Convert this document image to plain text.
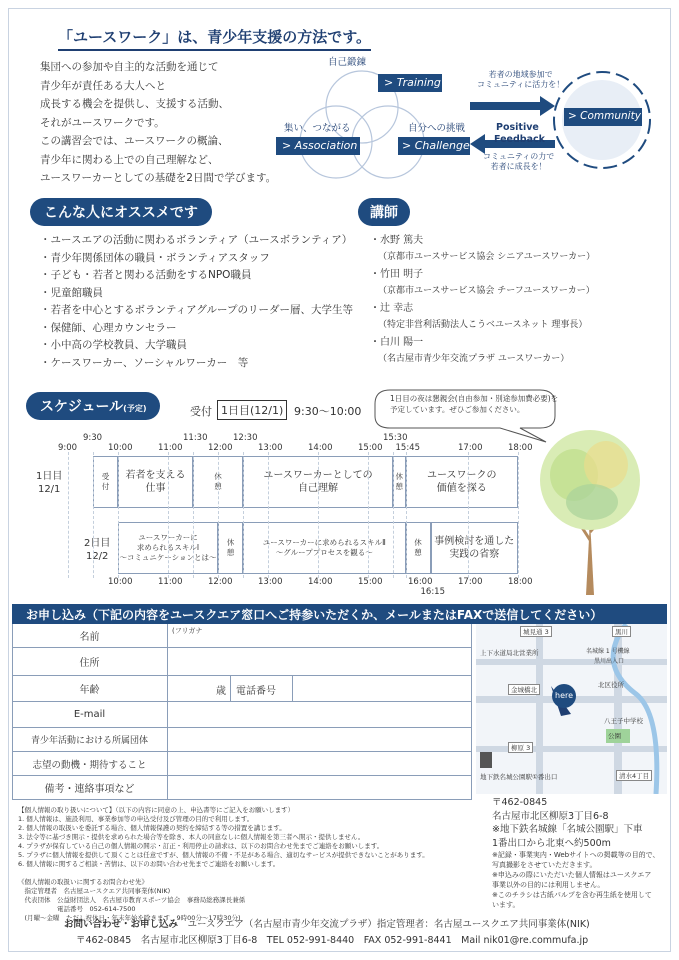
「ユースワーク」は、青少年支援の方法です。
集団への参加や自主的な活動を通じて
青少年が責任ある大人へと
成長する機会を提供し、支援する活動、
それがユースワークです。
この講習会では、ユースワークの概論、
青少年に関わる上での自己理解など、
ユースワーカーとしての基礎を2日間で学びます。
自己鍛錬
> Training
集い、つながる
> Association
自分への挑戦
> Challenge
若者の地域参加で
コミュニティに活力を！
Positive
Feedback
コミュニティの力で
若者に成長を！
> Community
こんな人にオススメです
・ユースエアの活動に関わるボランティア（ユースボランティア）
・青少年関係団体の職員・ボランティアスタッフ
・子ども・若者と関わる活動をするNPO職員
・児童館職員
・若者を中心とするボランティアグループのリーダー層、大学生等
・保健師、心理カウンセラー
・小中高の学校教員、大学職員
・ケースワーカー、ソーシャルワーカー　等
講師
・水野 篤夫
（京都市ユースサービス協会 シニアユースワーカー）
・竹田 明子
（京都市ユースサービス協会 チーフユースワーカー）
・辻 幸志
（特定非営利活動法人こうベユースネット 理事長）
・白川 陽一
（名古屋市青少年交流プラザ ユースワーカー）
スケジュール(予定)	受付 1日目(12/1) 9:30〜10:00
1日目の夜は懇親会(自由参加・別途参加費必要)を
予定しています。ぜひご参加ください。
9:00
9:30
10:00	11:00
11:30
12:00
12:30
13:00	14:00	15:00
15:30
15:45	17:00	18:00
1日目
12/1
受
付
若者を支える
仕事
休
憩
ユースワーカーとしての
自己理解
休
憩
ユースワークの
価値を探る
10:00	11:00	12:00	13:00	14:00	15:00	16:00
16:15
17:00	18:00
2日目
12/2
ユースワーカーに
求められるスキルⅠ
〜コミュニケーションとは〜
休
憩
ユースワーカーに求められるスキルⅡ
〜グループプロセスを観る〜
休
憩
事例検討を通した
実践の省察
お申し込み（下記の内容をユースクエア窓口へご持参いただくか、メールまたはFAXで送信してください）
名前
(フリガナ
住所
年齢	歳 電話番号
E-mail
青少年活動における所属団体
志望の動機・期待すること
備考・連絡事項など
城見通 3	黒川
上下水道局北営業所	名城線 1 号機線
黒川出入口
金城橋北
北区役所
八王子中学校
公園
柳原 3
here
地下鉄名城公園駅①番出口	清水4丁目
〒462-0845
名古屋市北区柳原3丁目6-8
※地下鉄名城線「名城公園駅」下車
1番出口から北東へ約500m
※記録・事業実内・Webサイトへの掲載等の目的で、
写真撮影をさせていただきます。
※申込みの際にいただいた個人情報はユースクエア
事業以外の目的には利用しません。
※このチラシは古紙パルプを含む再生紙を使用して
います。
【個人情報の取り扱いについて】（以下の内容に同意の上、申込書等にご記入をお願いします）
1. 個人情報は、施設利用、事業参加等の申込受付及び管理の目的で利用します。
2. 個人情報の取扱いを委託する場合、個人情報保護の契約を締結する等の措置を講じます。
3. 法令等に基づき開示・提供を求められた場合等を除き、本人の同意なしに個人情報を第三者へ開示・提供しません。
4. プラザが保有している自己の個人情報の開示・訂正・利用停止の請求は、以下のお問合わせ先までご連絡をお願いします。
5. プラザに個人情報を提供して頂くことは任意ですが、個人情報の不備・不足がある場合、適切なサービスが提供できないことがあります。
6. 個人情報に関するご相談・苦情は、以下のお問い合わせ先までご連絡をお願いします。

《個人情報の取扱いに関するお問合わせ先》
　指定管理者　名古屋ユースクエア共同事業体(NIK)
　代表団体　公益財団法人　名古屋市教育スポーツ協会　事務局総務課長兼係
　　　　　　電話番号　052-614-7500
　(月曜〜金曜　ただし祝休日・年末年始を除きます　9時00分〜17時30分)
お問い合わせ・お申し込み　 ユースクエア（名古屋市青少年交流プラザ）指定管理者：名古屋ユースクエア共同事業体(NIK)
〒462-0845　名古屋市北区柳原3丁目6-8　TEL 052-991-8440　FAX 052-991-8441　Mail nik01@re.commufa.jp
